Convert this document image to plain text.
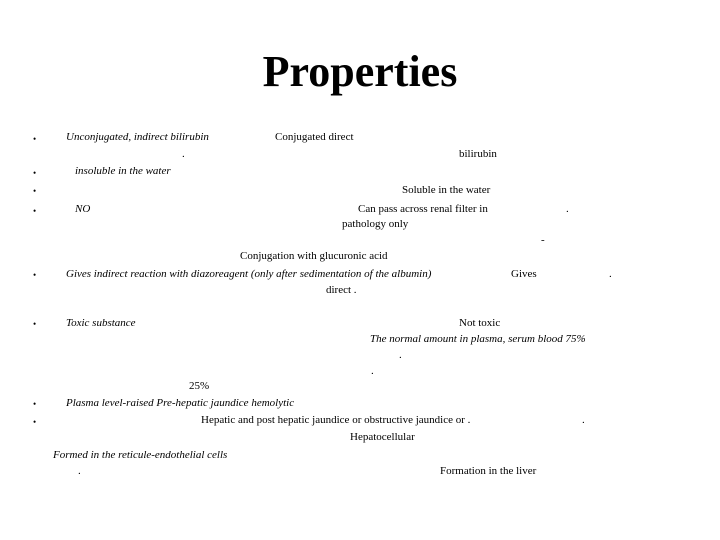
Properties
•
•
•
•
•
•
•
•
Unconjugated, indirect bilirubin	Conjugated direct
.	bilirubin
insoluble in the water
Soluble in the water
NO	Can pass across renal filter in	.
pathology only
-
Conjugation with glucuronic acid
Gives indirect reaction with diazoreagent (only after sedimentation of the albumin)	Gives	.
direct .
Toxic substance	Not toxic
The normal amount in plasma, serum blood 75%
.
.
25%
Plasma level-raised Pre-hepatic jaundice hemolytic
Hepatic and post hepatic jaundice or obstructive jaundice or .	.
Hepatocellular
Formed in the reticule-endothelial cells
.	Formation in the liver
